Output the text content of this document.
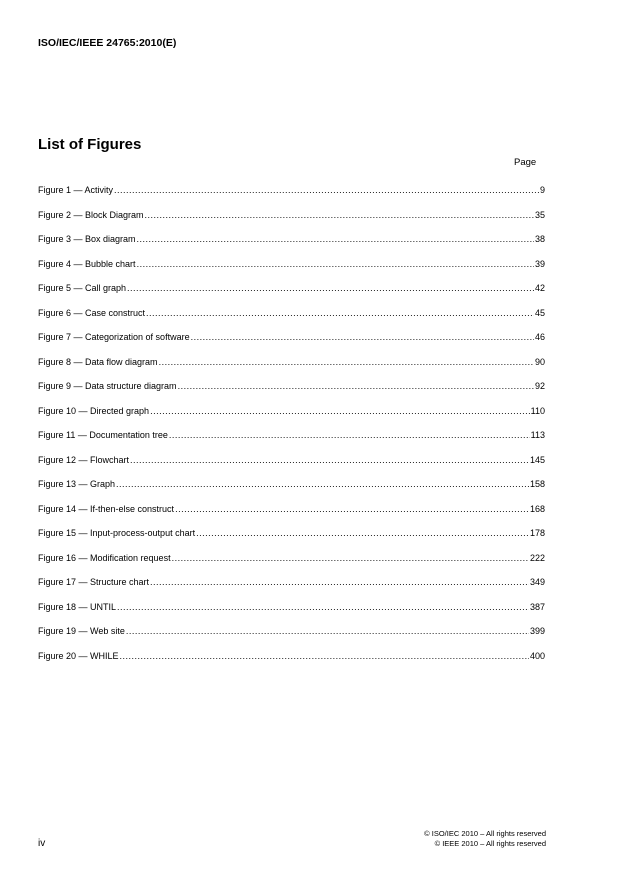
ISO/IEC/IEEE 24765:2010(E)
List of Figures
Page
Figure 1 — Activity .....	9
Figure 2 — Block Diagram .....	35
Figure 3 — Box diagram .....	38
Figure 4 — Bubble chart .....	39
Figure 5 — Call graph .....	42
Figure 6 — Case construct .....	45
Figure 7 — Categorization of software .....	46
Figure 8 — Data flow diagram .....	90
Figure 9 — Data structure diagram .....	92
Figure 10 — Directed graph .....	110
Figure 11 — Documentation tree .....	113
Figure 12 — Flowchart .....	145
Figure 13 — Graph .....	158
Figure 14 — If-then-else construct .....	168
Figure 15 — Input-process-output chart .....	178
Figure 16 — Modification request .....	222
Figure 17 — Structure chart .....	349
Figure 18 — UNTIL .....	387
Figure 19 — Web site .....	399
Figure 20 — WHILE .....	400
iv
© ISO/IEC 2010 – All rights reserved
© IEEE 2010 – All rights reserved
